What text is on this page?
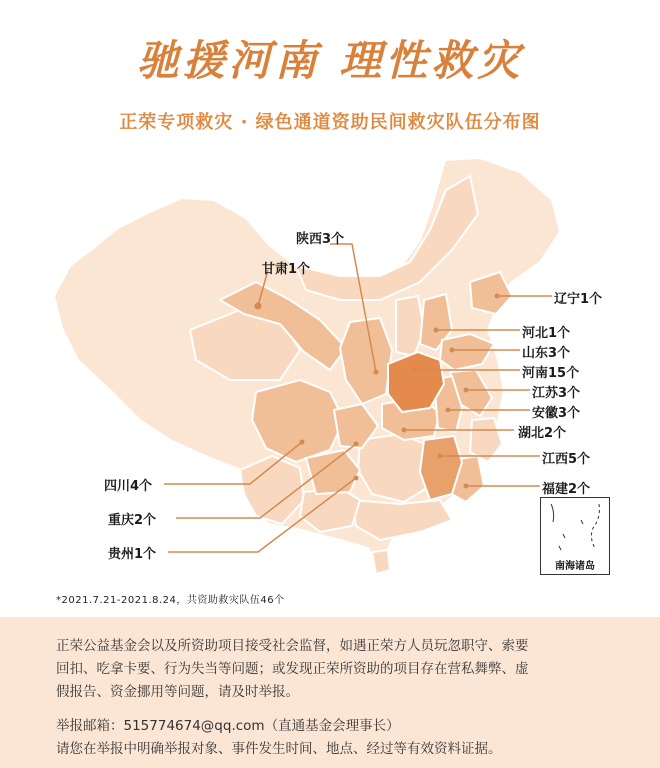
驰援河南 理性救灾
正荣专项救灾 · 绿色通道资助民间救灾队伍分布图
陕西3个
甘肃1个
辽宁1个
河北1个
山东3个
河南15个
江苏3个
安徽3个
湖北2个
江西5个
福建2个
四川4个
重庆2个
贵州1个
南海诸岛
*2021.7.21-2021.8.24，共资助救灾队伍46个

正荣公益基金会以及所资助项目接受社会监督，如遇正荣方人员玩忽职守、索要

回扣、吃拿卡要、行为失当等问题；或发现正荣所资助的项目存在营私舞弊、虚

假报告、资金挪用等问题，请及时举报。

举报邮箱：515774674@qq.com（直通基金会理事长）

请您在举报中明确举报对象、事件发生时间、地点、经过等有效资料证据。
